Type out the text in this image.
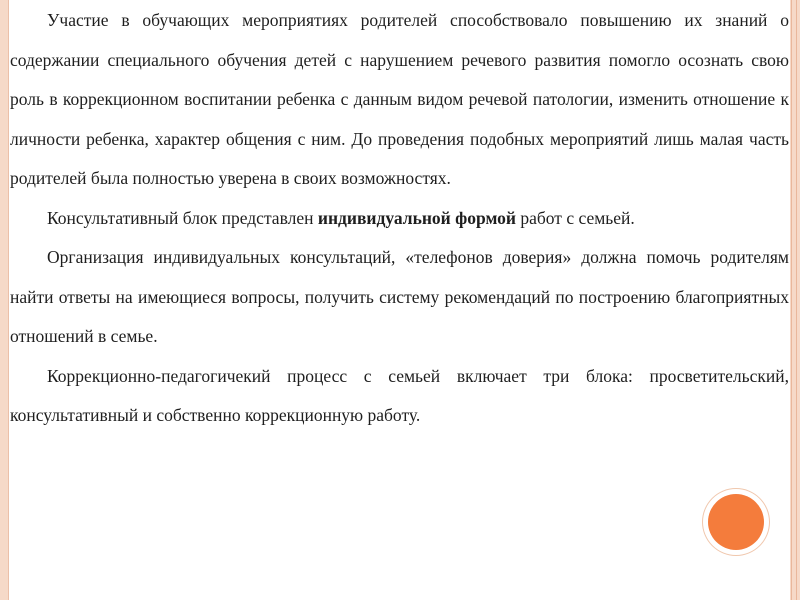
Участие в обучающих мероприятиях родителей способствовало повышению их знаний о содержании специального обучения детей с нарушением речевого развития помогло осознать свою роль в коррекционном воспитании ребенка с данным видом речевой патологии, изменить отношение к личности ребенка, характер общения с ним. До проведения подобных мероприятий лишь малая часть родителей была полностью уверена в своих возможностях.

Консультативный блок представлен индивидуальной формой работ с семьей.

Организация индивидуальных консультаций, «телефонов доверия» должна помочь родителям найти ответы на имеющиеся вопросы, получить систему рекомендаций по построению благоприятных отношений в семье.

Коррекционно-педагогичекий процесс с семьей включает три блока: просветительский, консультативный и собственно коррекционную работу.
